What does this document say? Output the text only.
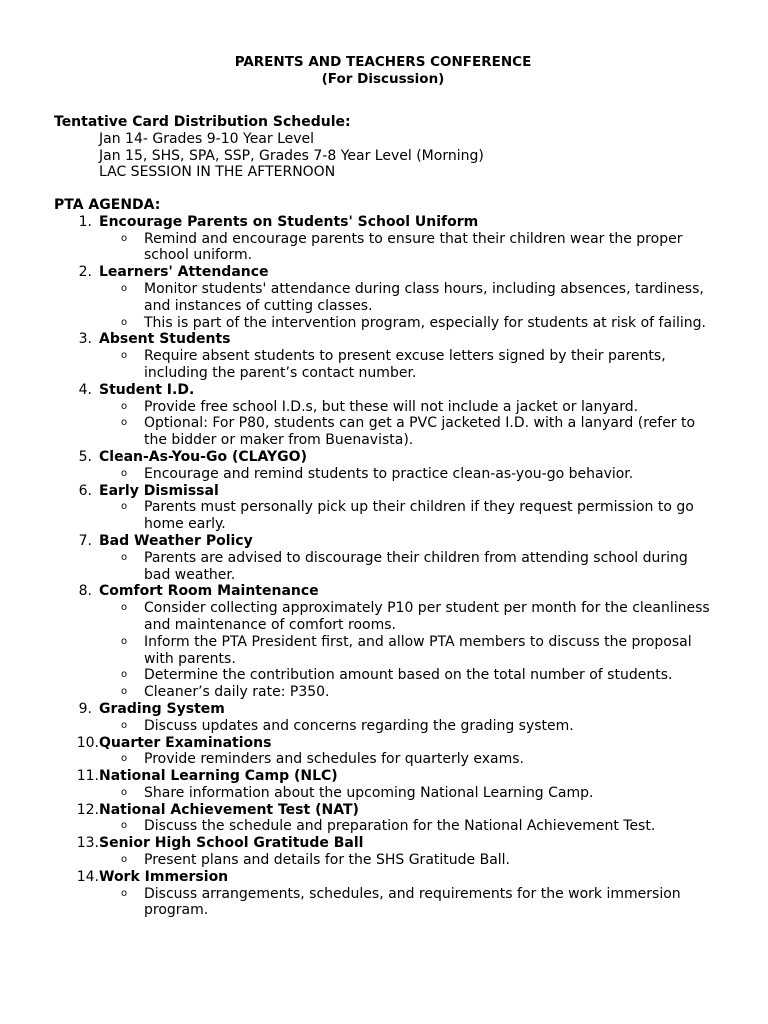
PARENTS AND TEACHERS CONFERENCE
(For Discussion)
Tentative Card Distribution Schedule:
Jan 14- Grades 9-10 Year Level
Jan 15, SHS, SPA, SSP, Grades 7-8 Year Level (Morning)
LAC SESSION IN THE AFTERNOON
PTA AGENDA:
1. Encourage Parents on Students' School Uniform
o	Remind and encourage parents to ensure that their children wear the proper school uniform.
2. Learners' Attendance
o	Monitor students' attendance during class hours, including absences, tardiness, and instances of cutting classes.
o	This is part of the intervention program, especially for students at risk of failing.
3. Absent Students
o	Require absent students to present excuse letters signed by their parents, including the parent’s contact number.
4. Student I.D.
o	Provide free school I.D.s, but these will not include a jacket or lanyard.
o	Optional: For P80, students can get a PVC jacketed I.D. with a lanyard (refer to the bidder or maker from Buenavista).
5. Clean-As-You-Go (CLAYGO)
o	Encourage and remind students to practice clean-as-you-go behavior.
6. Early Dismissal
o	Parents must personally pick up their children if they request permission to go home early.
7. Bad Weather Policy
o	Parents are advised to discourage their children from attending school during bad weather.
8. Comfort Room Maintenance
o	Consider collecting approximately P10 per student per month for the cleanliness and maintenance of comfort rooms.
o	Inform the PTA President first, and allow PTA members to discuss the proposal with parents.
o	Determine the contribution amount based on the total number of students.
o	Cleaner’s daily rate: P350.
9. Grading System
o	Discuss updates and concerns regarding the grading system.
10. Quarter Examinations
o	Provide reminders and schedules for quarterly exams.
11. National Learning Camp (NLC)
o	Share information about the upcoming National Learning Camp.
12. National Achievement Test (NAT)
o	Discuss the schedule and preparation for the National Achievement Test.
13. Senior High School Gratitude Ball
o	Present plans and details for the SHS Gratitude Ball.
14. Work Immersion
o	Discuss arrangements, schedules, and requirements for the work immersion program.
